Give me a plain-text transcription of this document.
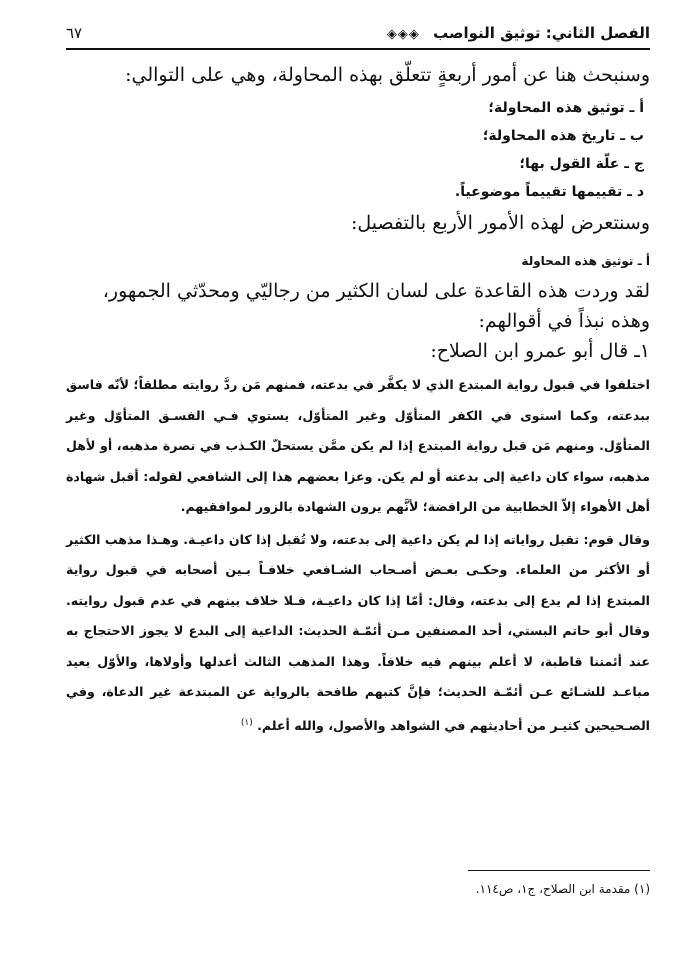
الفصل الثاني: توثيق النواصب ◈◈◈
٦٧

وسنبحث هنا عن أمور أربعةٍ تتعلّق بهذه المحاولة، وهي على التوالي:

أ ـ توثيق هذه المحاولة؛
ب ـ تاريخ هذه المحاولة؛
ج ـ علّة القول بها؛
د ـ تقييمها تقييماً موضوعياً.

وسنتعرض لهذه الأمور الأربع بالتفصيل:

أ ـ توثيق هذه المحاولة

لقد وردت هذه القاعدة على لسان الكثير من رجاليّي ومحدّثي الجمهور، وهذه نبذاً في أقوالهم:

١ـ قال أبو عمرو ابن الصلاح:

اختلفوا في قبول رواية المبتدع الذي لا يكفَّر في بدعته، فمنهم مَن ردَّ روايته مطلقاً؛ لأنّه فاسق ببدعته، وكما استوى في الكفر المتأوّل وغير المتأوّل، يستوي فـي الفسـق المتأوّل وغير المتأوّل. ومنهم مَن قبل رواية المبتدع إذا لم يكن ممَّن يستحلّ الكـذب في نصرة مذهبه، أو لأهل مذهبه، سواء كان داعية إلى بدعته أو لم يكن. وعزا بعضهم هذا إلى الشافعي لقوله: أقبل شهادة أهل الأهواء إلاّ الخطابية من الرافضة؛ لأنَّهم يرون الشهادة بالزور لموافقيهم.

وقال قوم: تقبل رواياته إذا لم يكن داعية إلى بدعته، ولا تُقبل إذا كان داعيـة. وهـذا مذهب الكثير أو الأكثر من العلماء. وحكـى بعـض أصـحاب الشـافعي خلافـاً بـين أصحابه في قبول رواية المبتدع إذا لم يدع إلى بدعته، وقال: أمّا إذا كان داعيـة، فـلا خلاف بينهم في عدم قبول روايته. وقال أبو حاتم البستي، أحد المصنفين مـن أئمّـة الحديث: الداعية إلى البدع لا يجوز الاحتجاج به عند أئمتنا قاطبة، لا أعلم بينهم فيه خلافاً. وهذا المذهب الثالث أعدلها وأولاها، والأوّل بعيد مباعـد للشـائع عـن أئمّـة الحديث؛ فإنَّ كتبهم طافحة بالرواية عن المبتدعة غير الدعاة، وفي الصـحيحين كثيـر من أحاديثهم في الشواهد والأصول، والله أعلم. $^{(١)}$

(١) مقدمة ابن الصلاح، ج١، ص١١٤.
